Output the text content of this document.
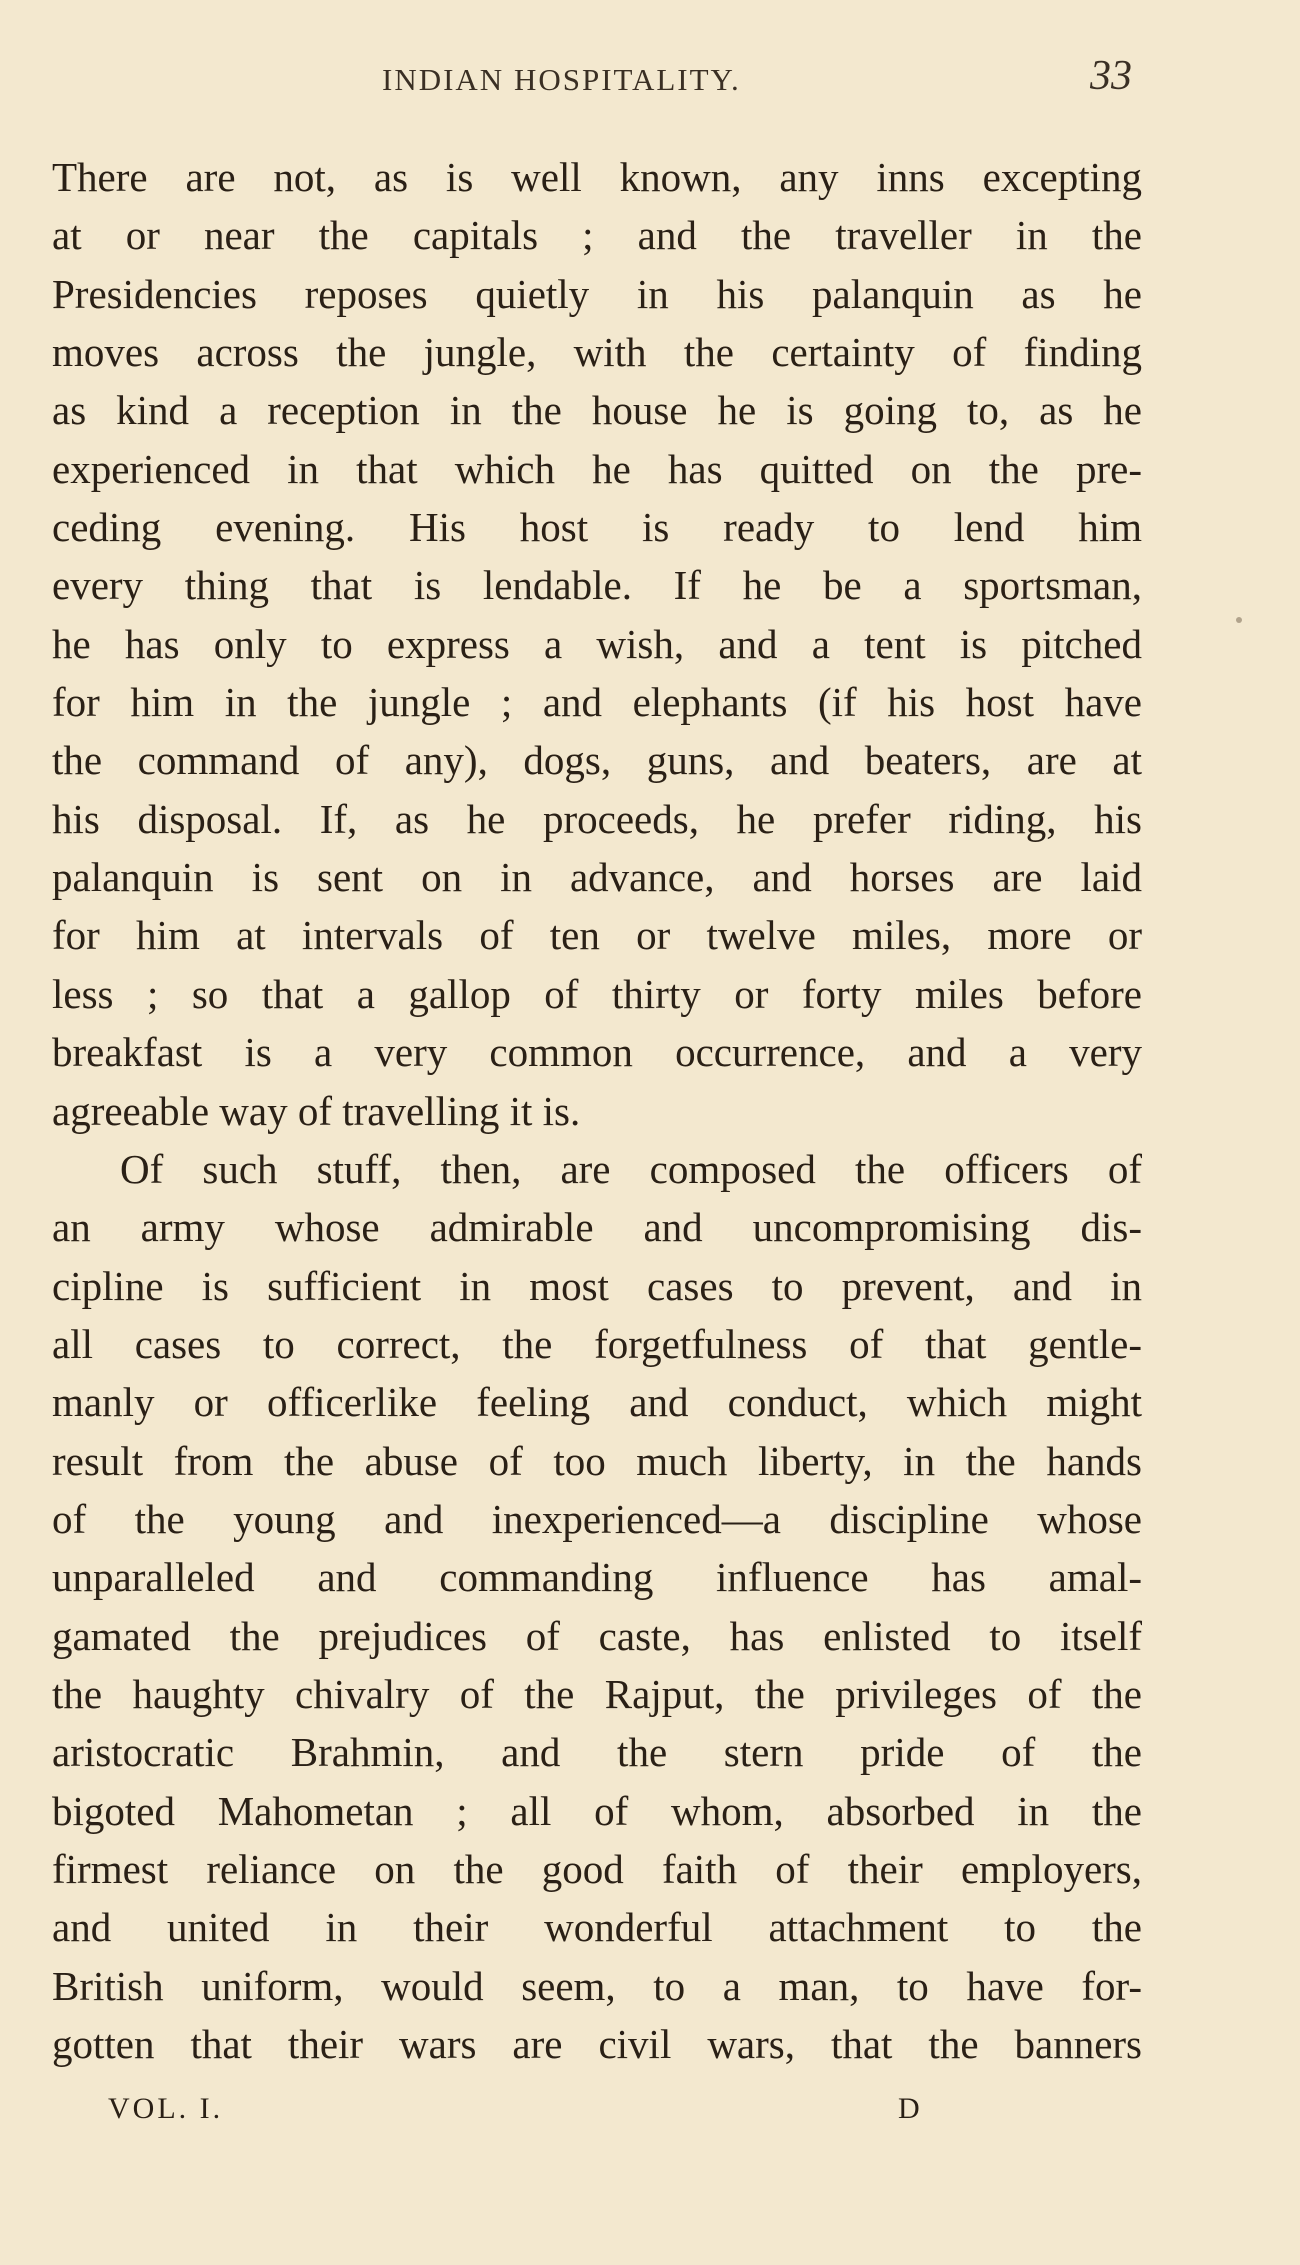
INDIAN HOSPITALITY.	33
There are not, as is well known, any inns excepting
at or near the capitals ; and the traveller in the
Presidencies reposes quietly in his palanquin as he
moves across the jungle, with the certainty of finding
as kind a reception in the house he is going to, as he
experienced in that which he has quitted on the pre-
ceding evening. His host is ready to lend him
every thing that is lendable. If he be a sportsman,
he has only to express a wish, and a tent is pitched
for him in the jungle ; and elephants (if his host have
the command of any), dogs, guns, and beaters, are at
his disposal. If, as he proceeds, he prefer riding, his
palanquin is sent on in advance, and horses are laid
for him at intervals of ten or twelve miles, more or
less ; so that a gallop of thirty or forty miles before
breakfast is a very common occurrence, and a very
agreeable way of travelling it is.
Of such stuff, then, are composed the officers of
an army whose admirable and uncompromising dis-
cipline is sufficient in most cases to prevent, and in
all cases to correct, the forgetfulness of that gentle-
manly or officerlike feeling and conduct, which might
result from the abuse of too much liberty, in the hands
of the young and inexperienced—a discipline whose
unparalleled and commanding influence has amal-
gamated the prejudices of caste, has enlisted to itself
the haughty chivalry of the Rajput, the privileges of the
aristocratic Brahmin, and the stern pride of the
bigoted Mahometan ; all of whom, absorbed in the
firmest reliance on the good faith of their employers,
and united in their wonderful attachment to the
British uniform, would seem, to a man, to have for-
gotten that their wars are civil wars, that the banners
VOL. I.	D
